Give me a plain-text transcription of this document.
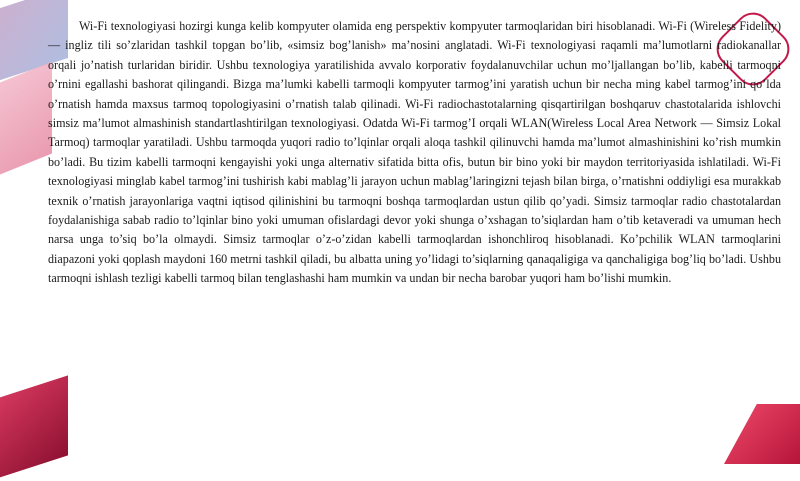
Wi-Fi texnologiyasi hozirgi kunga kelib kompyuter olamida eng perspektiv kompyuter tarmoqlaridan biri hisoblanadi. Wi-Fi (Wireless Fidelity) — ingliz tili so’zlaridan tashkil topgan bo’lib, «simsiz bog’lanish» ma’nosini anglatadi. Wi-Fi texnologiyasi raqamli ma’lumotlarni radiokanallar orqali jo’natish turlaridan biridir. Ushbu texnologiya yaratilishida avvalo korporativ foydalanuvchilar uchun mo’ljallangan bo’lib, kabelli tarmoqni o’rnini egallashi bashorat qilingandi. Bizga ma’lumki kabelli tarmoqli kompyuter tarmog’ini yaratish uchun bir necha ming kabel tarmog’ini qo’lda o’rnatish hamda maxsus tarmoq topologiyasini o’rnatish talab qilinadi. Wi-Fi radiochastotalarning qisqartirilgan boshqaruv chastotalarida ishlovchi simsiz ma’lumot almashinish standartlashtirilgan texnologiyasi. Odatda Wi-Fi tarmog’I orqali WLAN(Wireless Local Area Network — Simsiz Lokal Tarmoq) tarmoqlar yaratiladi. Ushbu tarmoqda yuqori radio to’lqinlar orqali aloqa tashkil qilinuvchi hamda ma’lumot almashinishini ko’rish mumkin bo’ladi. Bu tizim kabelli tarmoqni kengayishi yoki unga alternativ sifatida bitta ofis, butun bir bino yoki bir maydon territoriyasida ishlatiladi. Wi-Fi texnologiyasi minglab kabel tarmog’ini tushirish kabi mablag’li jarayon uchun mablag’laringizni tejash bilan birga, o’rnatishni oddiyligi esa murakkab texnik o’rnatish jarayonlariga vaqtni iqtisod qilinishini bu tarmoqni boshqa tarmoqlardan ustun qilib qo’yadi. Simsiz tarmoqlar radio chastotalardan foydalanishiga sabab radio to’lqinlar bino yoki umuman ofislardagi devor yoki shunga o’xshagan to’siqlardan ham o’tib ketaveradi va umuman hech narsa unga to’siq bo’la olmaydi. Simsiz tarmoqlar o’z-o’zidan kabelli tarmoqlardan ishonchliroq hisoblanadi. Ko’pchilik WLAN tarmoqlarini diapazoni yoki qoplash maydoni 160 metrni tashkil qiladi, bu albatta uning yo’lidagi to’siqlarning qanaqaligiga va qanchaligiga bog’liq bo’ladi. Ushbu tarmoqni ishlash tezligi kabelli tarmoq bilan tenglashashi ham mumkin va undan bir necha barobar yuqori ham bo’lishi mumkin.
